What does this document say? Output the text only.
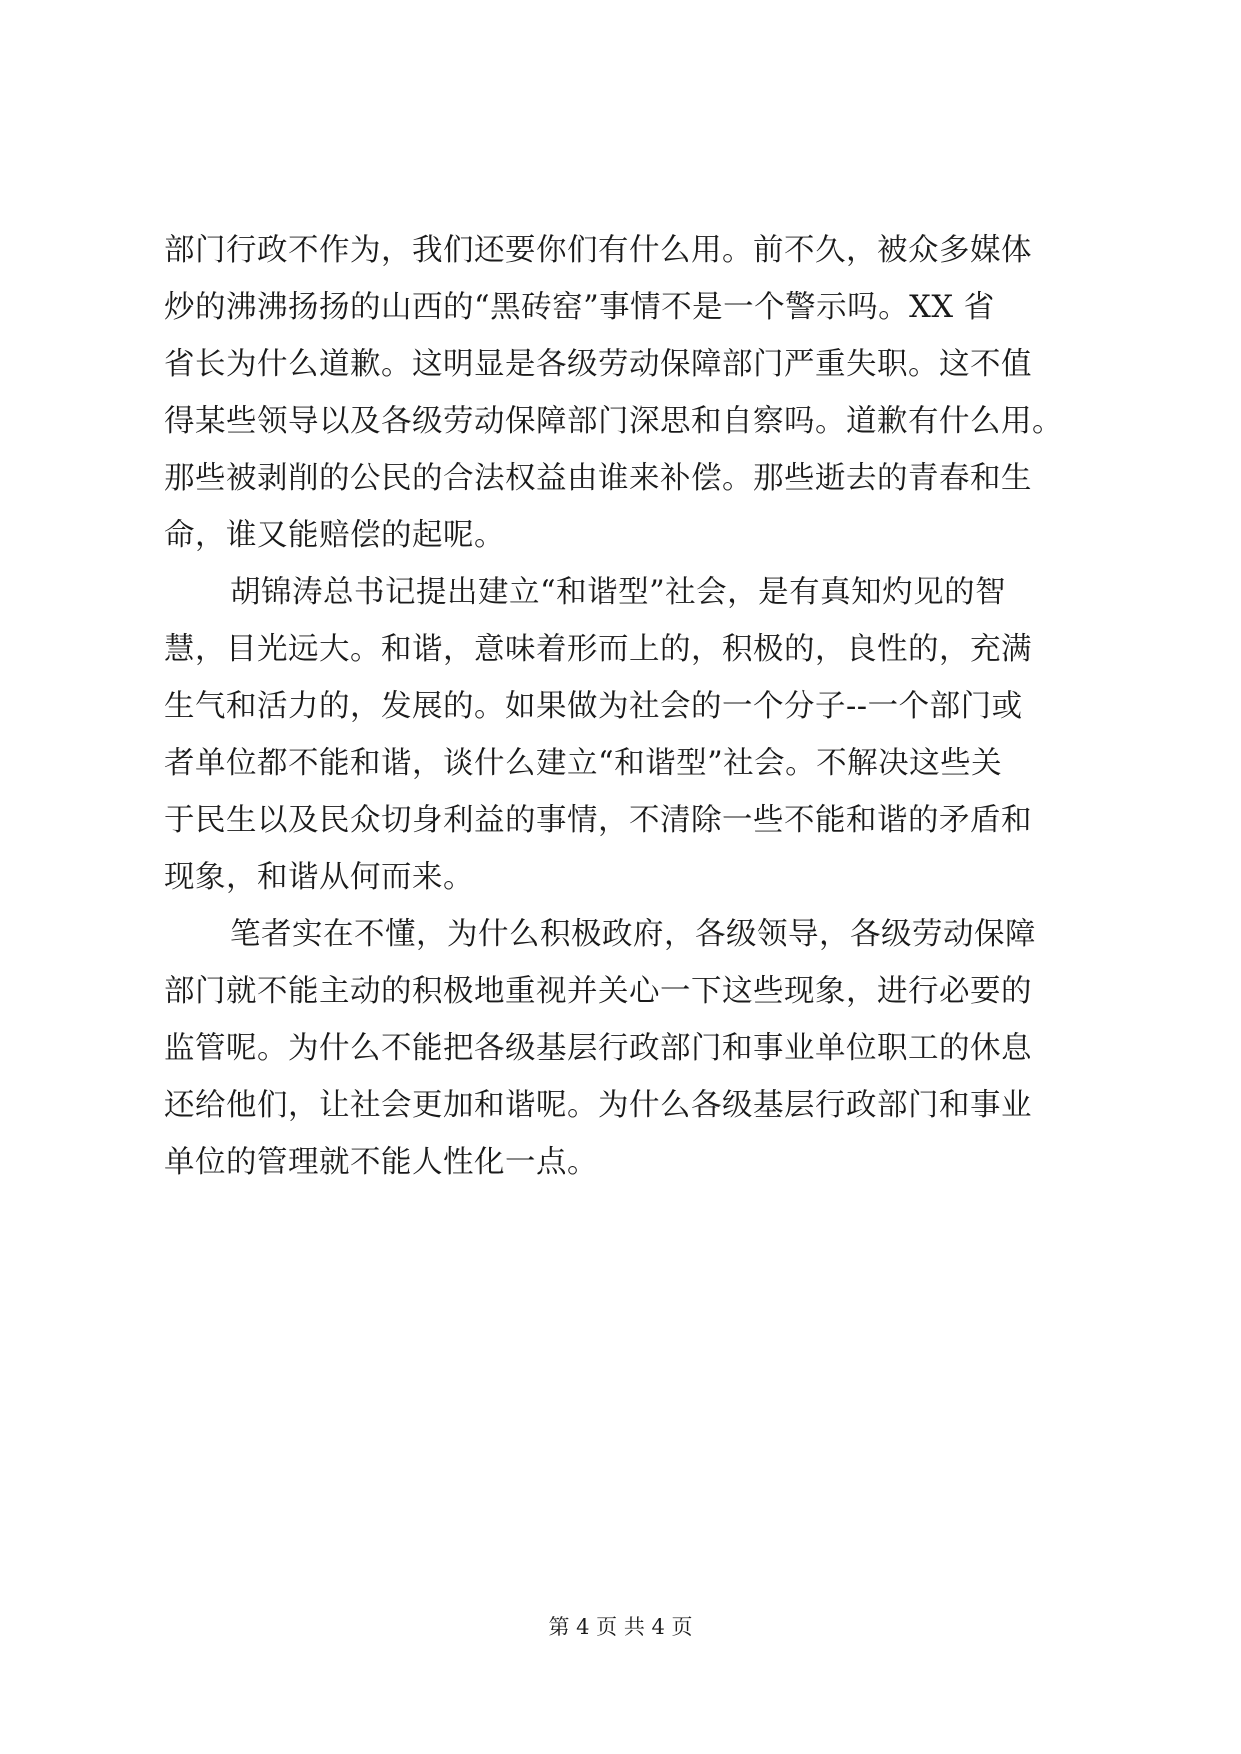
部门行政不作为，我们还要你们有什么用。前不久，被众多媒体
炒的沸沸扬扬的山西的“黑砖窑”事情不是一个警示吗。XX 省
省长为什么道歉。这明显是各级劳动保障部门严重失职。这不值
得某些领导以及各级劳动保障部门深思和自察吗。道歉有什么用。
那些被剥削的公民的合法权益由谁来补偿。那些逝去的青春和生
命，谁又能赔偿的起呢。
胡锦涛总书记提出建立“和谐型”社会，是有真知灼见的智
慧，目光远大。和谐，意味着形而上的，积极的，良性的，充满
生气和活力的，发展的。如果做为社会的一个分子--一个部门或
者单位都不能和谐，谈什么建立“和谐型”社会。不解决这些关
于民生以及民众切身利益的事情，不清除一些不能和谐的矛盾和
现象，和谐从何而来。
笔者实在不懂，为什么积极政府，各级领导，各级劳动保障
部门就不能主动的积极地重视并关心一下这些现象，进行必要的
监管呢。为什么不能把各级基层行政部门和事业单位职工的休息
还给他们，让社会更加和谐呢。为什么各级基层行政部门和事业
单位的管理就不能人性化一点。
第 4 页 共 4 页
